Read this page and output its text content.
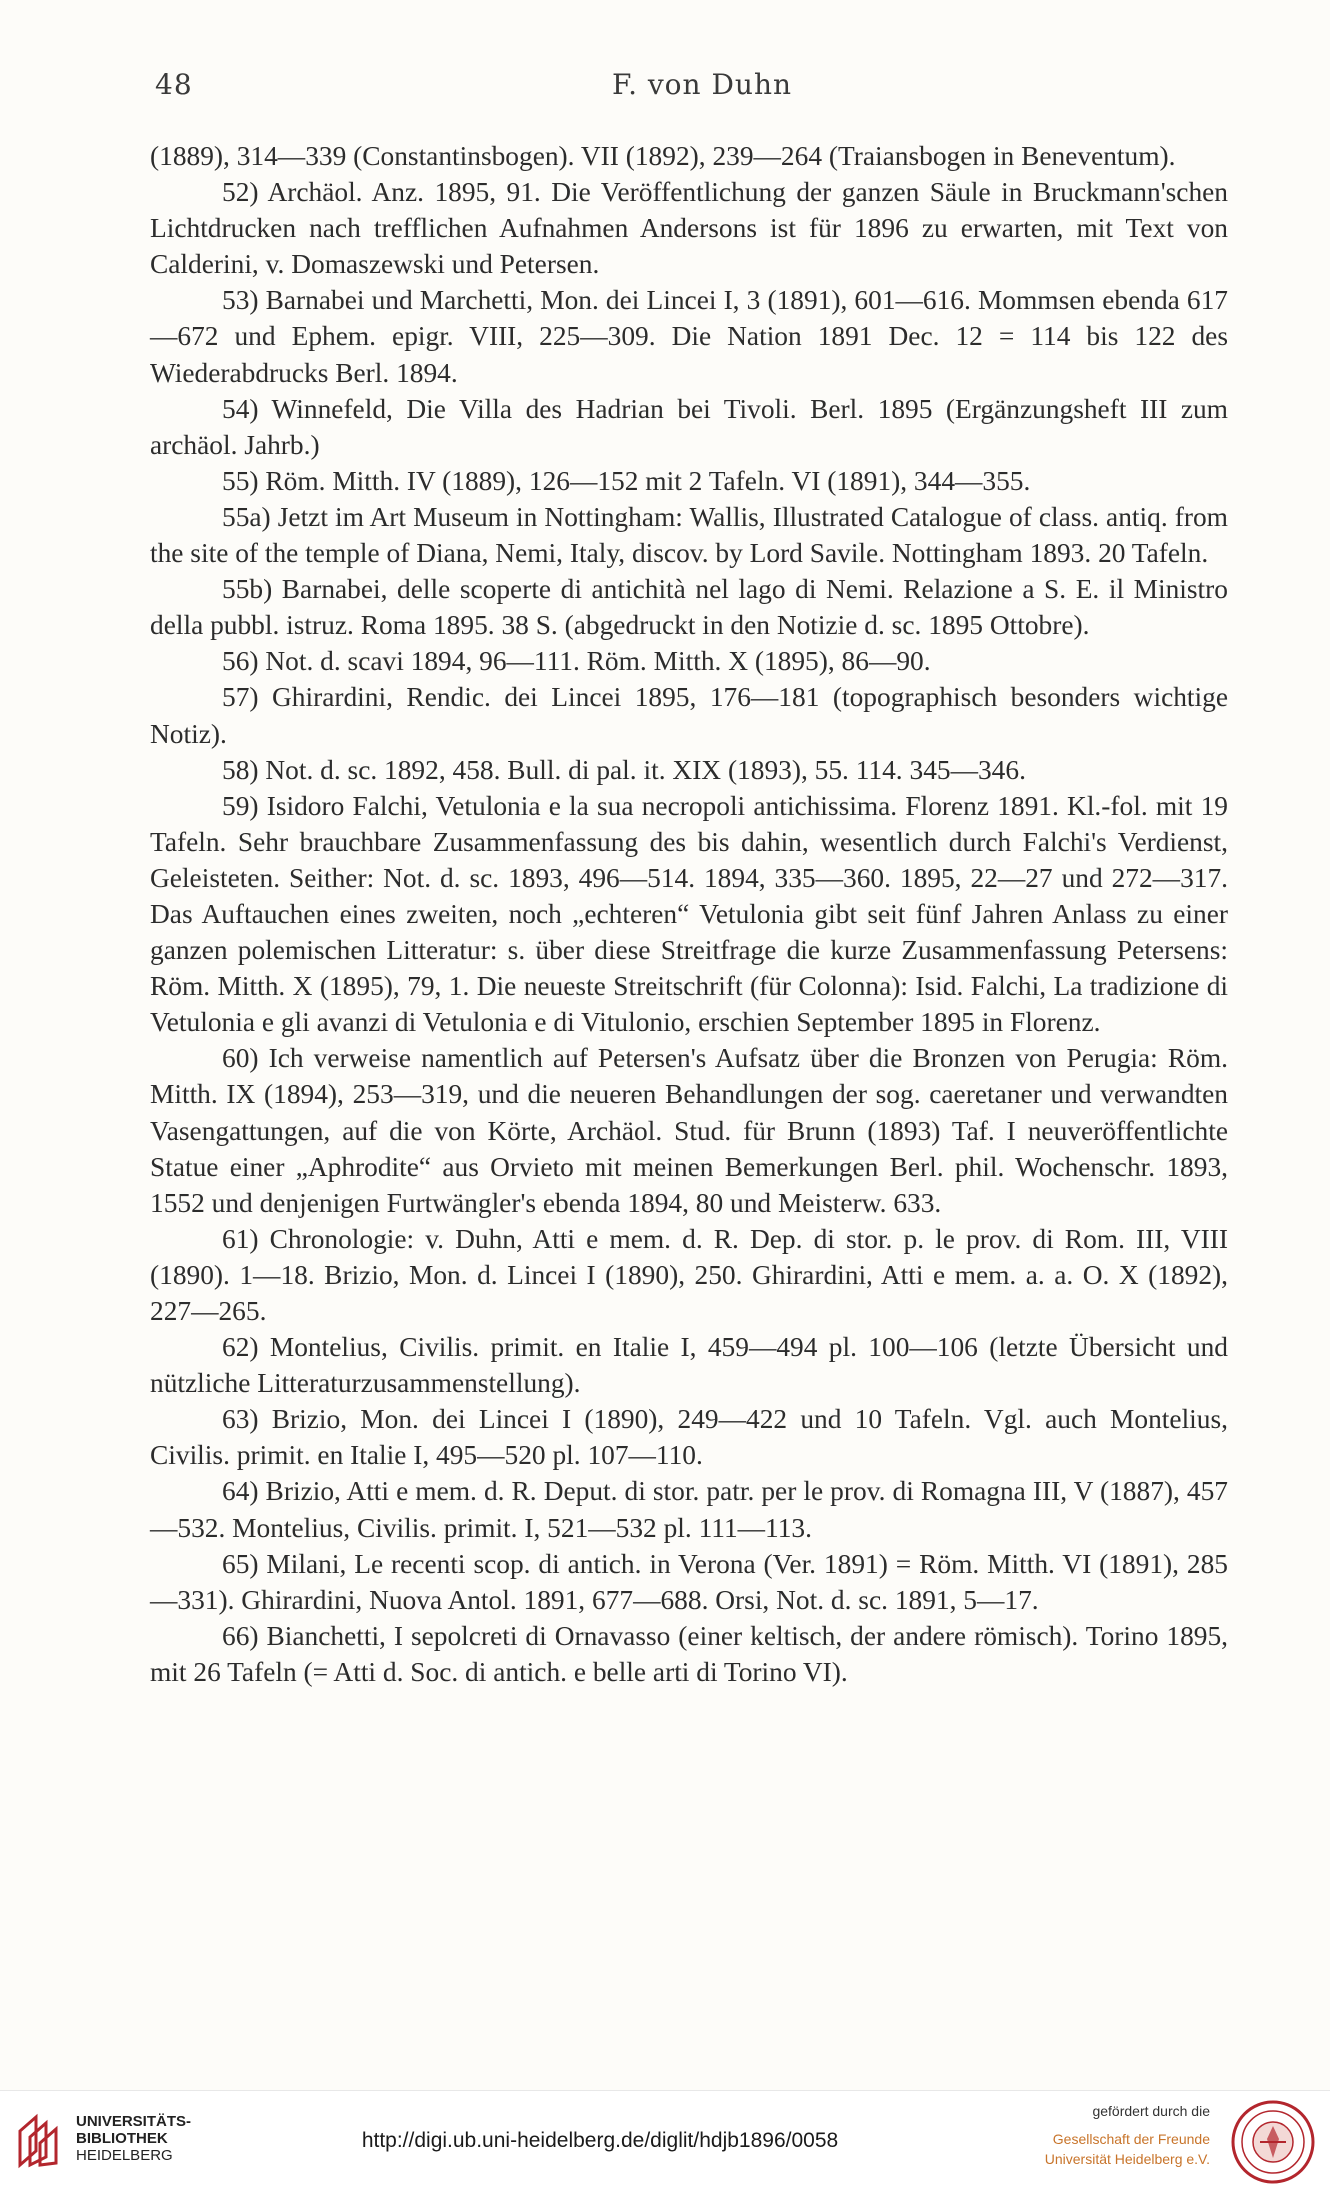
48	F. von Duhn

(1889), 314—339 (Constantinsbogen). VII (1892), 239—264 (Traiansbogen in Beneventum).

52) Archäol. Anz. 1895, 91. Die Veröffentlichung der ganzen Säule in Bruckmann'schen Lichtdrucken nach trefflichen Aufnahmen Andersons ist für 1896 zu erwarten, mit Text von Calderini, v. Domaszewski und Petersen.

53) Barnabei und Marchetti, Mon. dei Lincei I, 3 (1891), 601—616. Mommsen ebenda 617—672 und Ephem. epigr. VIII, 225—309. Die Nation 1891 Dec. 12 = 114 bis 122 des Wiederabdrucks Berl. 1894.

54) Winnefeld, Die Villa des Hadrian bei Tivoli. Berl. 1895 (Ergänzungsheft III zum archäol. Jahrb.)

55) Röm. Mitth. IV (1889), 126—152 mit 2 Tafeln. VI (1891), 344—355.

55a) Jetzt im Art Museum in Nottingham: Wallis, Illustrated Catalogue of class. antiq. from the site of the temple of Diana, Nemi, Italy, discov. by Lord Savile. Nottingham 1893. 20 Tafeln.

55b) Barnabei, delle scoperte di antichità nel lago di Nemi. Relazione a S. E. il Ministro della pubbl. istruz. Roma 1895. 38 S. (abgedruckt in den Notizie d. sc. 1895 Ottobre).

56) Not. d. scavi 1894, 96—111. Röm. Mitth. X (1895), 86—90.

57) Ghirardini, Rendic. dei Lincei 1895, 176—181 (topographisch besonders wichtige Notiz).

58) Not. d. sc. 1892, 458. Bull. di pal. it. XIX (1893), 55. 114. 345—346.

59) Isidoro Falchi, Vetulonia e la sua necropoli antichissima. Florenz 1891. Kl.-fol. mit 19 Tafeln. Sehr brauchbare Zusammenfassung des bis dahin, wesentlich durch Falchi's Verdienst, Geleisteten. Seither: Not. d. sc. 1893, 496—514. 1894, 335—360. 1895, 22—27 und 272—317. Das Auftauchen eines zweiten, noch „echteren“ Vetulonia gibt seit fünf Jahren Anlass zu einer ganzen polemischen Litteratur: s. über diese Streitfrage die kurze Zusammenfassung Petersens: Röm. Mitth. X (1895), 79, 1. Die neueste Streitschrift (für Colonna): Isid. Falchi, La tradizione di Vetulonia e gli avanzi di Vetulonia e di Vitulonio, erschien September 1895 in Florenz.

60) Ich verweise namentlich auf Petersen's Aufsatz über die Bronzen von Perugia: Röm. Mitth. IX (1894), 253—319, und die neueren Behandlungen der sog. caeretaner und verwandten Vasengattungen, auf die von Körte, Archäol. Stud. für Brunn (1893) Taf. I neuveröffentlichte Statue einer „Aphrodite“ aus Orvieto mit meinen Bemerkungen Berl. phil. Wochenschr. 1893, 1552 und denjenigen Furtwängler's ebenda 1894, 80 und Meisterw. 633.

61) Chronologie: v. Duhn, Atti e mem. d. R. Dep. di stor. p. le prov. di Rom. III, VIII (1890). 1—18. Brizio, Mon. d. Lincei I (1890), 250. Ghirardini, Atti e mem. a. a. O. X (1892), 227—265.

62) Montelius, Civilis. primit. en Italie I, 459—494 pl. 100—106 (letzte Übersicht und nützliche Litteraturzusammenstellung).

63) Brizio, Mon. dei Lincei I (1890), 249—422 und 10 Tafeln. Vgl. auch Montelius, Civilis. primit. en Italie I, 495—520 pl. 107—110.

64) Brizio, Atti e mem. d. R. Deput. di stor. patr. per le prov. di Romagna III, V (1887), 457—532. Montelius, Civilis. primit. I, 521—532 pl. 111—113.

65) Milani, Le recenti scop. di antich. in Verona (Ver. 1891) = Röm. Mitth. VI (1891), 285—331). Ghirardini, Nuova Antol. 1891, 677—688. Orsi, Not. d. sc. 1891, 5—17.

66) Bianchetti, I sepolcreti di Ornavasso (einer keltisch, der andere römisch). Torino 1895, mit 26 Tafeln (= Atti d. Soc. di antich. e belle arti di Torino VI).

UNIVERSITÄTS-
BIBLIOTHEK
HEIDELBERG
http://digi.ub.uni-heidelberg.de/diglit/hdjb1896/0058
gefördert durch die
Gesellschaft der Freunde
Universität Heidelberg e.V.
